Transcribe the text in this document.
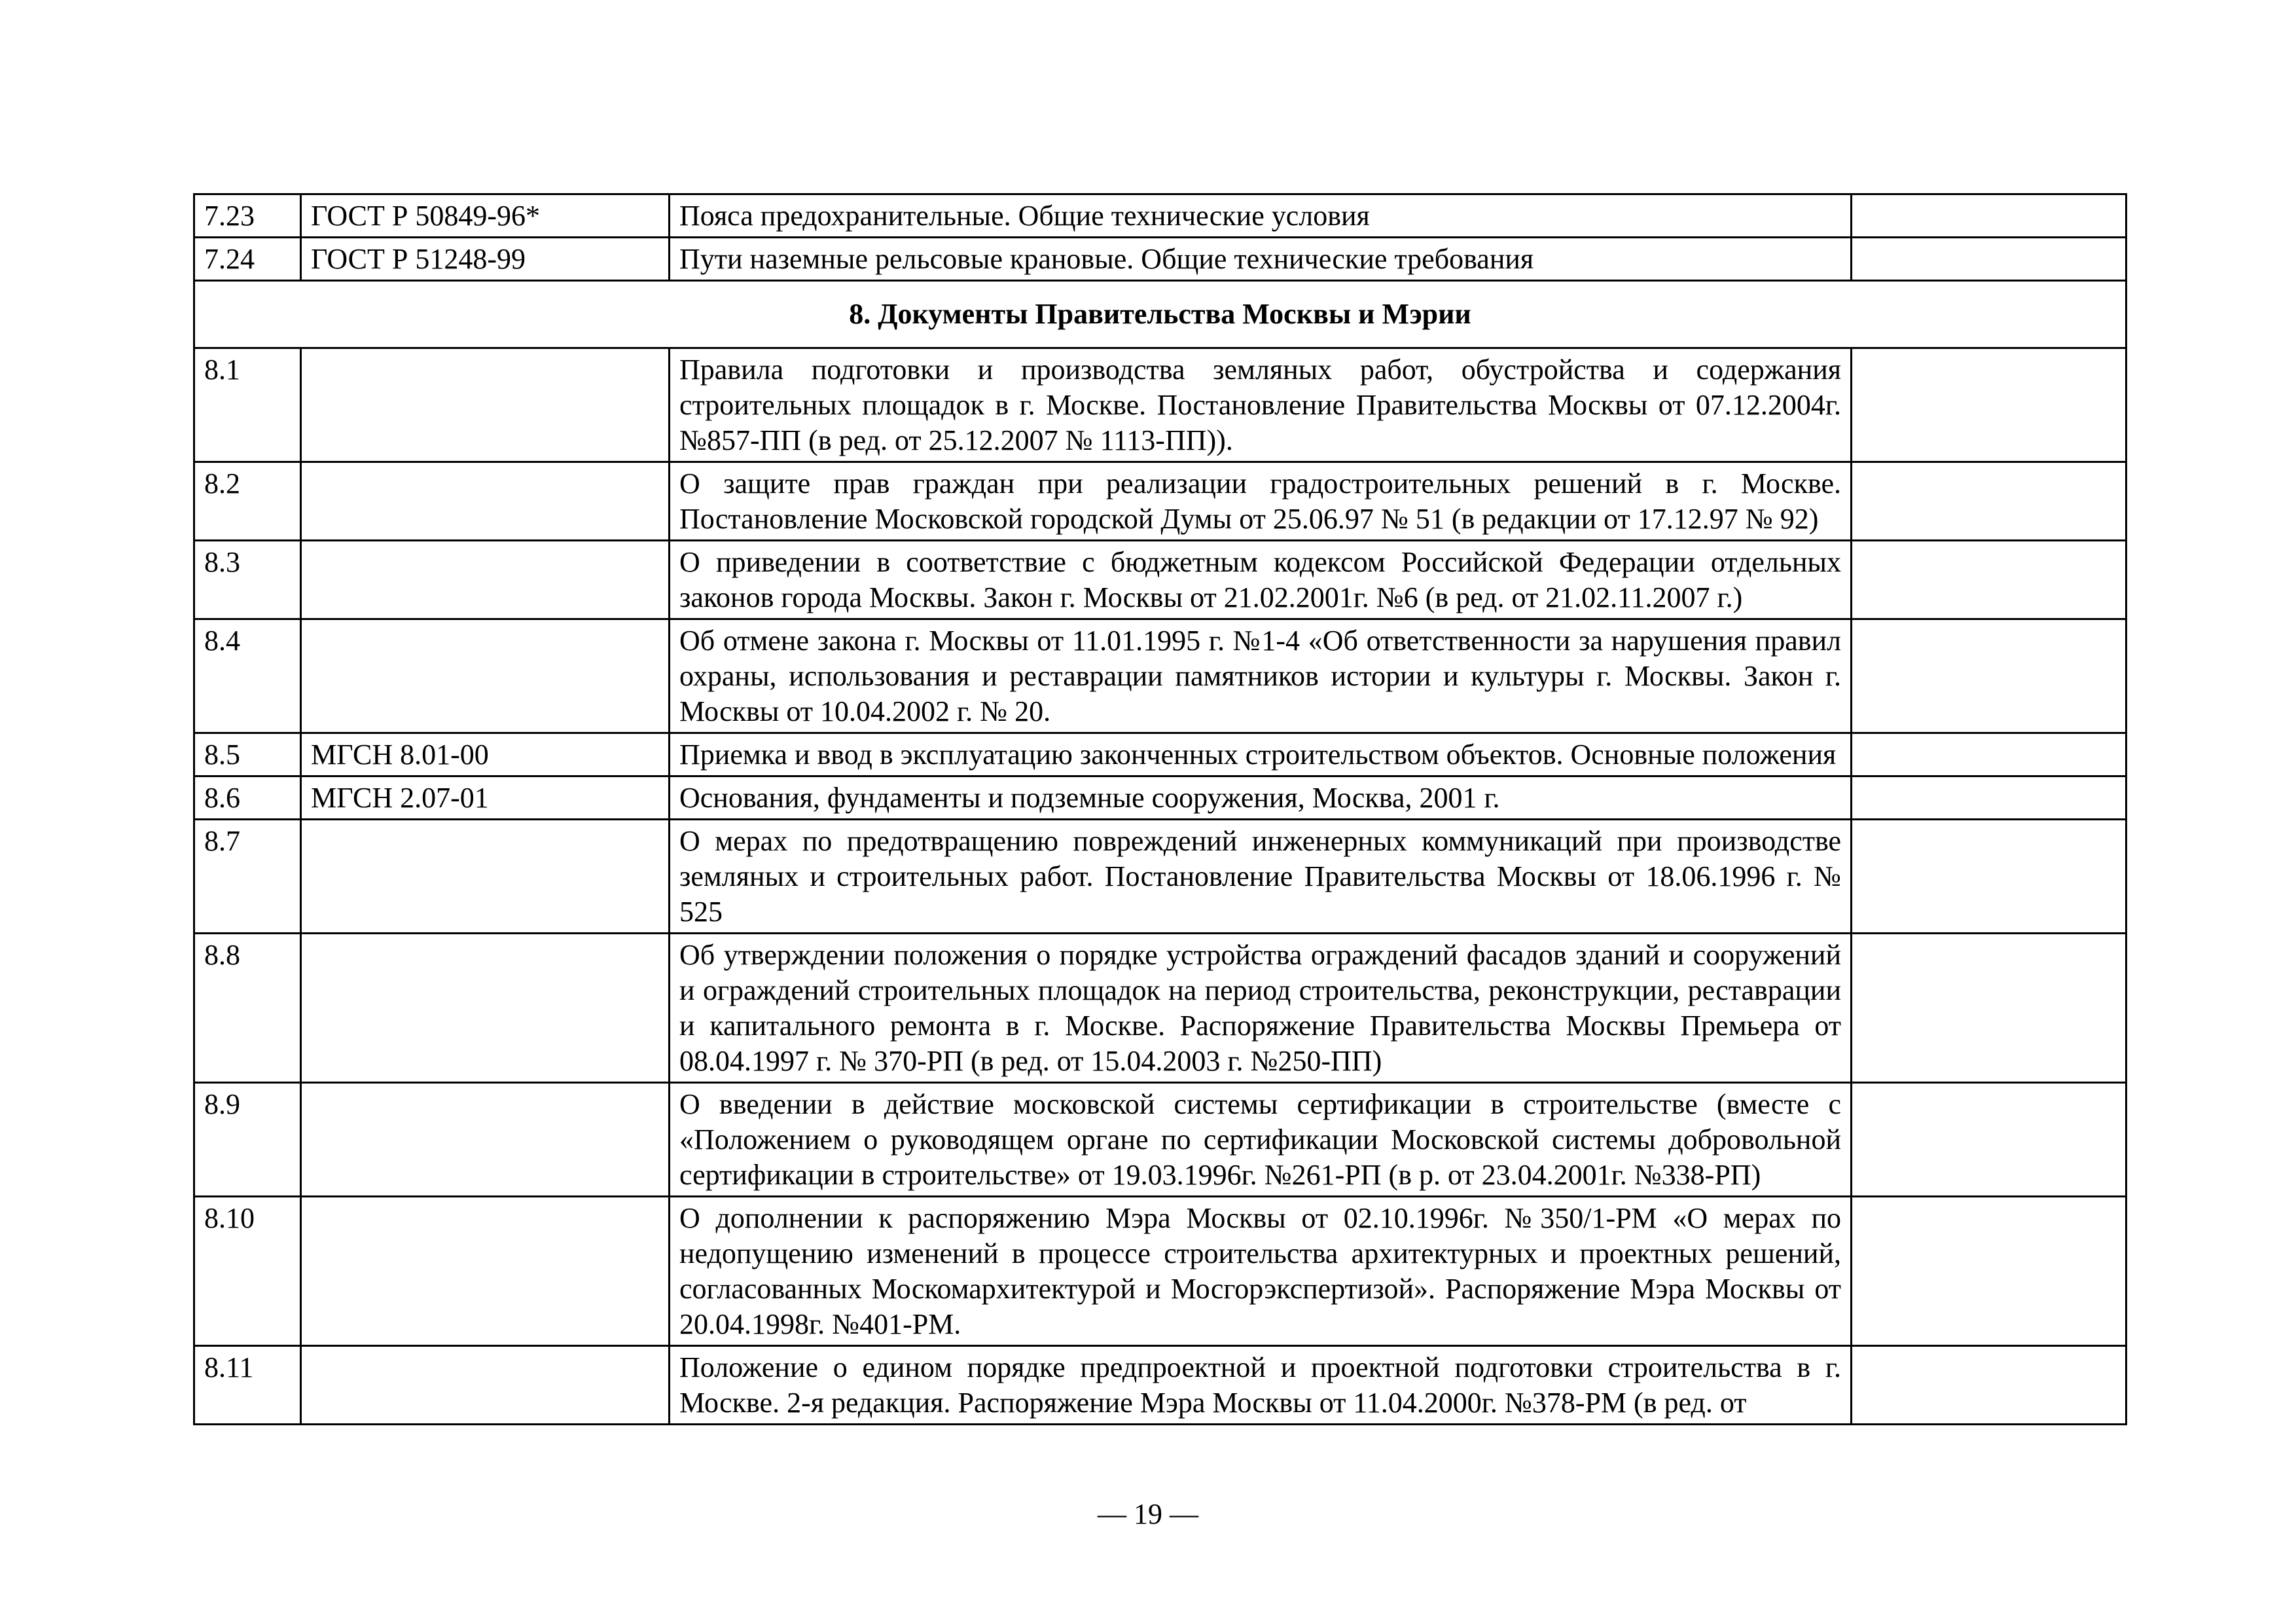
7.23	ГОСТ Р 50849-96*	Пояса предохранительные. Общие технические условия	
7.24	ГОСТ Р 51248-99	Пути наземные рельсовые крановые. Общие технические требования	
8. Документы Правительства Москвы и Мэрии			
8.1		Правила подготовки и производства земляных работ, обустройства и содержания строительных площадок в г. Москве. Постановление Правительства Москвы от 07.12.2004г. №857-ПП (в ред. от 25.12.2007 № 1113-ПП)).	
8.2		О защите прав граждан при реализации градостроительных решений в г. Москве. Постановление Московской городской Думы от 25.06.97 № 51 (в редакции от 17.12.97 № 92)	
8.3		О приведении в соответствие с бюджетным кодексом Российской Федерации отдельных законов города Москвы. Закон г. Москвы от 21.02.2001г. №6 (в ред. от 21.02.11.2007 г.)	
8.4		Об отмене закона г. Москвы от 11.01.1995 г. №1-4 «Об ответственности за нарушения правил охраны, использования и реставрации памятников истории и культуры г. Москвы. Закон г. Москвы от 10.04.2002 г. № 20.	
8.5	МГСН 8.01-00	Приемка и ввод в эксплуатацию законченных строительством объектов. Основные положения	
8.6	МГСН 2.07-01	Основания, фундаменты и подземные сооружения, Москва, 2001 г.	
8.7		О мерах по предотвращению повреждений инженерных коммуникаций при производстве земляных и строительных работ. Постановление Правительства Москвы от 18.06.1996 г. № 525	
8.8		Об утверждении положения о порядке устройства ограждений фасадов зданий и сооружений и ограждений строительных площадок на период строительства, реконструкции, реставрации и капитального ремонта в г. Москве. Распоряжение Правительства Москвы Премьера от 08.04.1997 г. № 370-РП (в ред. от 15.04.2003 г. №250-ПП)	
8.9		О введении в действие московской системы сертификации в строительстве (вместе с «Положением о руководящем органе по сертификации Московской системы добровольной сертификации в строительстве» от 19.03.1996г. №261-РП (в р. от 23.04.2001г. №338-РП)	
8.10		О дополнении к распоряжению Мэра Москвы от 02.10.1996г. №350/1-РМ «О мерах по недопущению изменений в процессе строительства архитектурных и проектных решений, согласованных Москомархитектурой и Мосгорэкспертизой». Распоряжение Мэра Москвы от 20.04.1998г. №401-РМ.	
8.11		Положение о едином порядке предпроектной и проектной подготовки строительства в г. Москве. 2-я редакция. Распоряжение Мэра Москвы от 11.04.2000г. №378-РМ (в ред. от	
— 19 —
